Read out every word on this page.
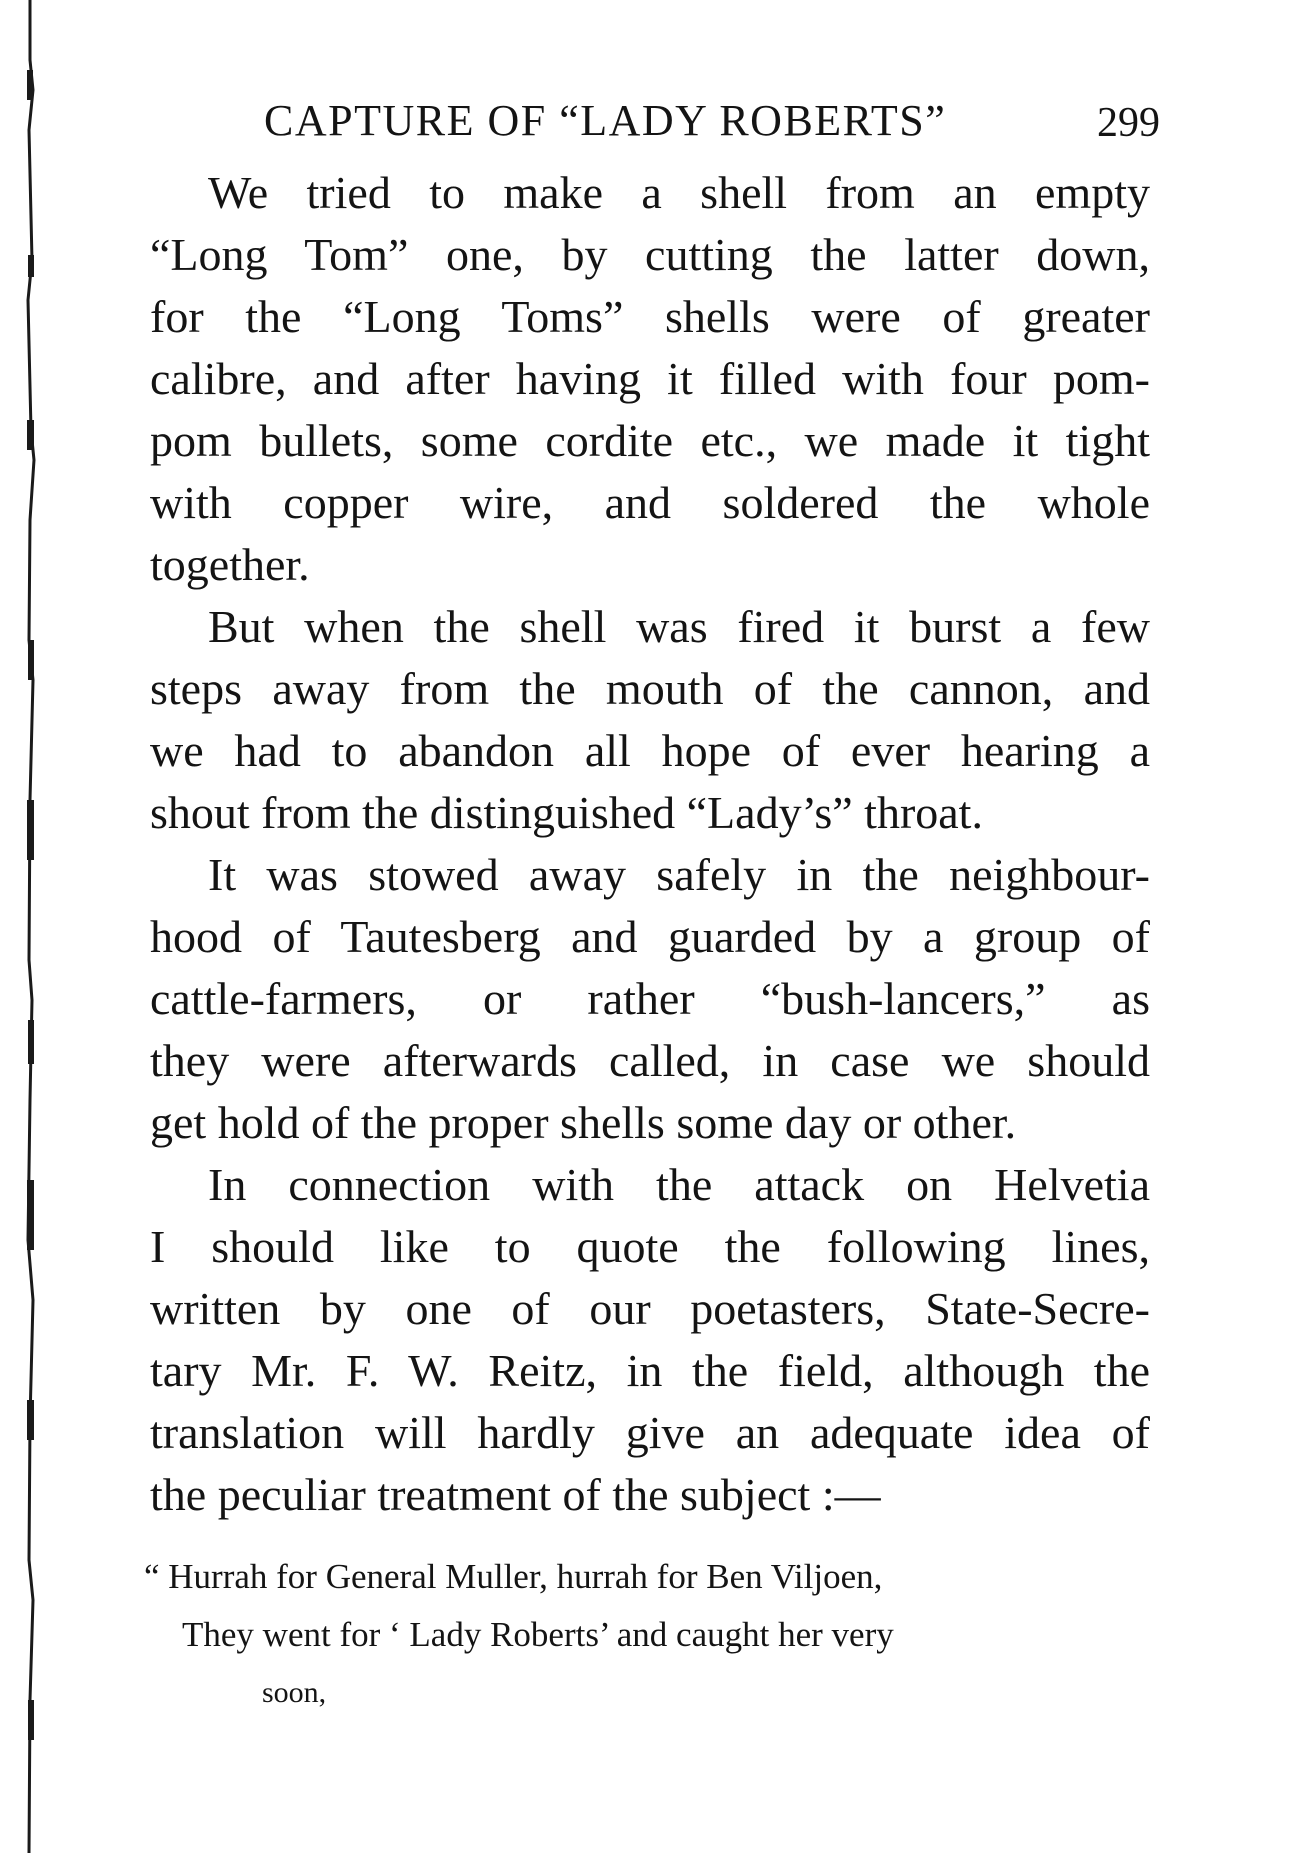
CAPTURE OF “LADY ROBERTS”	299

We tried to make a shell from an empty
“Long Tom” one, by cutting the latter down,
for the “Long Toms” shells were of greater
calibre, and after having it filled with four pom-
pom bullets, some cordite etc., we made it tight
with copper wire, and soldered the whole
together.

But when the shell was fired it burst a few
steps away from the mouth of the cannon, and
we had to abandon all hope of ever hearing a
shout from the distinguished “Lady’s” throat.

It was stowed away safely in the neighbour-
hood of Tautesberg and guarded by a group of
cattle-farmers, or rather “bush-lancers,” as
they were afterwards called, in case we should
get hold of the proper shells some day or other.

In connection with the attack on Helvetia
I should like to quote the following lines,
written by one of our poetasters, State-Secre-
tary Mr. F. W. Reitz, in the field, although the
translation will hardly give an adequate idea of
the peculiar treatment of the subject :—

“ Hurrah for General Muller, hurrah for Ben Viljoen,
They went for ‘ Lady Roberts’ and caught her very
soon,
